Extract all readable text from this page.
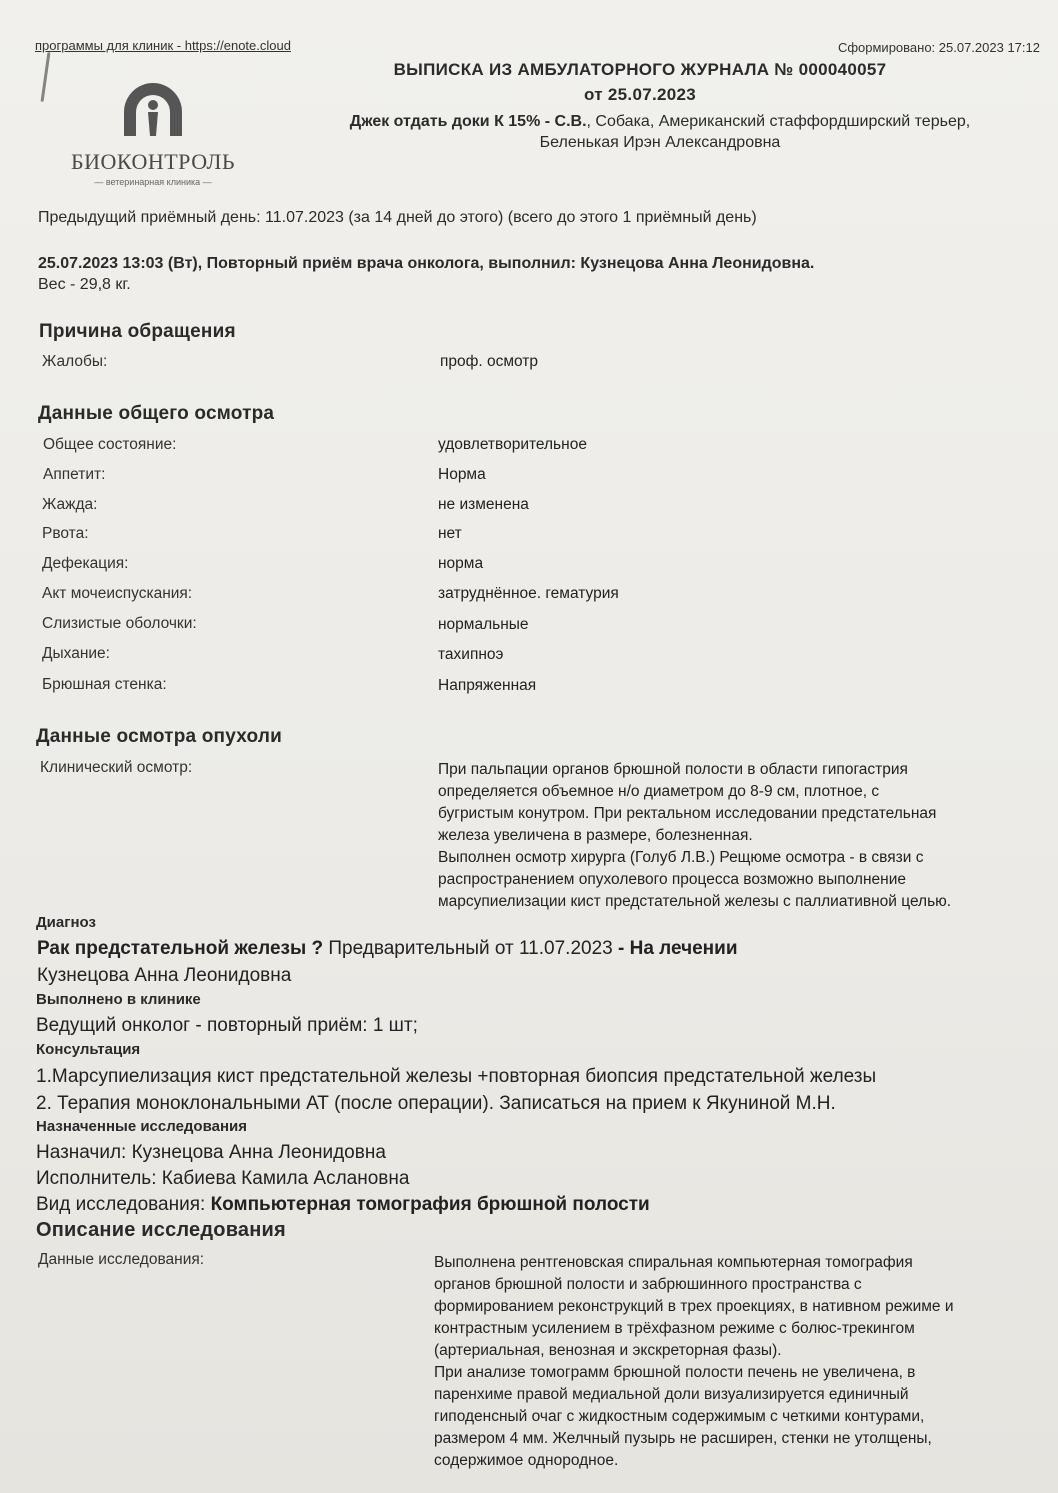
программы для клиник - https://enote.cloud	Сформировано: 25.07.2023 17:12
БИОКОНТРОЛЬ
— ветеринарная клиника —
ВЫПИСКА ИЗ АМБУЛАТОРНОГО ЖУРНАЛА № 000040057
от 25.07.2023
Джек отдать доки К 15% - С.В., Собака, Американский стаффордширский терьер,
Беленькая Ирэн Александровна
Предыдущий приёмный день: 11.07.2023 (за 14 дней до этого) (всего до этого 1 приёмный день)
25.07.2023 13:03 (Вт), Повторный приём врача онколога, выполнил: Кузнецова Анна Леонидовна.
Вес - 29,8 кг.
Причина обращения
Жалобы:	проф. осмотр
Данные общего осмотра
Общее состояние:	удовлетворительное
Аппетит:	Норма
Жажда:	не изменена
Рвота:	нет
Дефекация:	норма
Акт мочеиспускания:	затруднённое. гематурия
Слизистые оболочки:	нормальные
Дыхание:	тахипноэ
Брюшная стенка:	Напряженная
Данные осмотра опухоли
Клинический осмотр:	При пальпации органов брюшной полости в области гипогастрия
определяется объемное н/о диаметром до 8-9 см, плотное, с
бугристым конутром. При ректальном исследовании предстательная
железа увеличена в размере, болезненная.
Выполнен осмотр хирурга (Голуб Л.В.) Рещюме осмотра - в связи с
распространением опухолевого процесса возможно выполнение
марсупиелизации кист предстательной железы с паллиативной целью.
Диагноз
Рак предстательной железы ? Предварительный от 11.07.2023 - На лечении
Кузнецова Анна Леонидовна
Выполнено в клинике
Ведущий онколог - повторный приём: 1 шт;
Консультация
1.Марсупиелизация кист предстательной железы +повторная биопсия предстательной железы
2. Терапия моноклональными АТ (после операции). Записаться на прием к Якуниной М.Н.
Назначенные исследования
Назначил: Кузнецова Анна Леонидовна
Исполнитель: Кабиева Камила Аслановна
Вид исследования: Компьютерная томография брюшной полости
Описание исследования
Данные исследования:	Выполнена рентгеновская спиральная компьютерная томография
органов брюшной полости и забрюшинного пространства с
формированием реконструкций в трех проекциях, в нативном режиме и
контрастным усилением в трёхфазном режиме с болюс-трекингом
(артериальная, венозная и экскреторная фазы).
При анализе томограмм брюшной полости печень не увеличена, в
паренхиме правой медиальной доли визуализируется единичный
гиподенсный очаг с жидкостным содержимым с четкими контурами,
размером 4 мм. Желчный пузырь не расширен, стенки не утолщены,
содержимое однородное.
